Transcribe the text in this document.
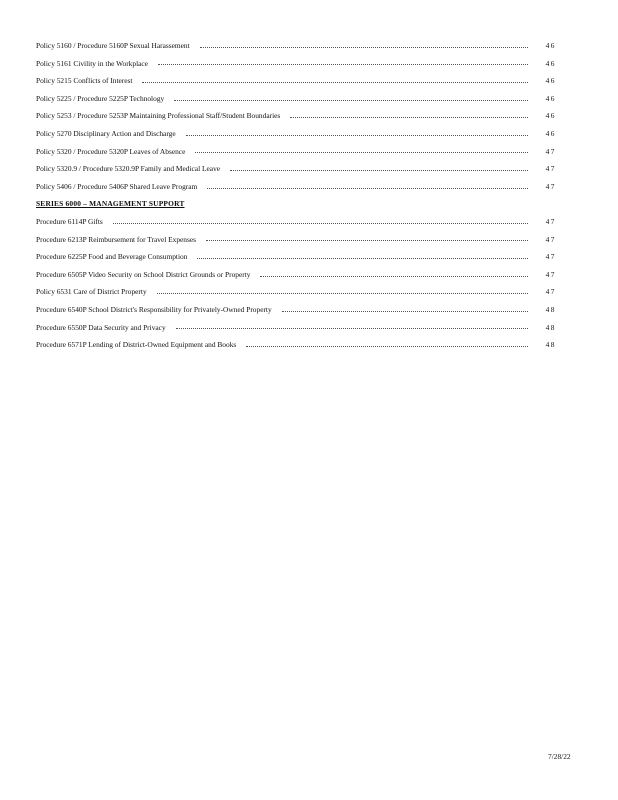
Policy 5160 / Procedure 5160P Sexual Harassement	46
Policy 5161 Civility in the Workplace	46
Policy 5215 Conflicts of Interest	46
Policy 5225 / Procedure 5225P Technology	46
Policy 5253 / Procedure 5253P Maintaining Professional Staff/Student Boundaries	46
Policy 5270 Disciplinary Action and Discharge	46
Policy 5320 / Procedure 5320P Leaves of Absence	47
Policy 5320.9 / Procedure 5320.9P Family and Medical Leave	47
Policy 5406 / Procedure 5406P Shared Leave Program	47
SERIES 6000 – MANAGEMENT SUPPORT
Procedure 6114P Gifts	47
Procedure 6213P Reimbursement for Travel Expenses	47
Procedure 6225P Food and Beverage Consumption	47
Procedure 6505P Video Security on School District Grounds or Property	47
Policy 6531 Care of District Property	47
Procedure 6540P School District's Responsibility for Privately-Owned Property	48
Procedure 6550P Data Security and Privacy	48
Procedure 6571P Lending of District-Owned Equipment and Books	48
7/28/22
